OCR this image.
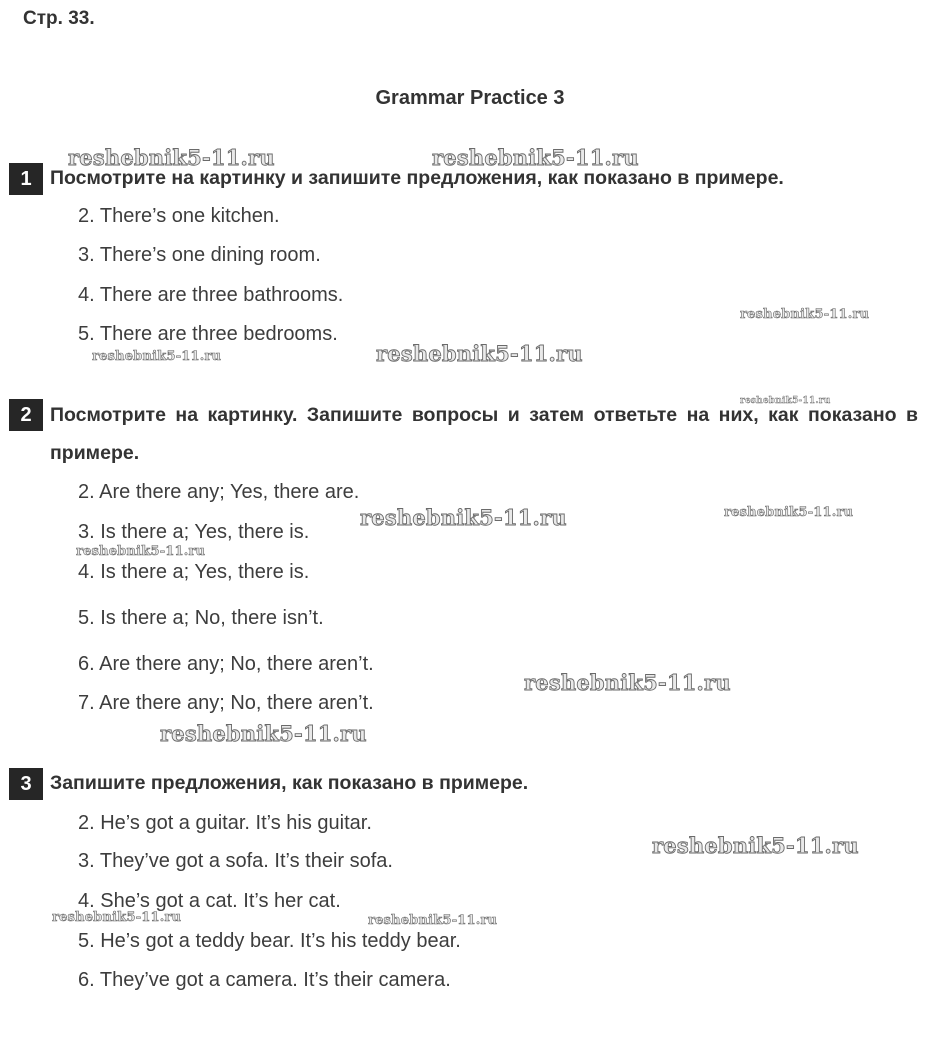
Стр. 33.
Grammar Practice 3
1 Посмотрите на картинку и запишите предложения, как показано в примере.
2. There’s one kitchen.
3. There’s one dining room.
4. There are three bathrooms.
5. There are three bedrooms.
2 Посмотрите на картинку. Запишите вопросы и затем ответьте на них, как показано в примере.
2. Are there any; Yes, there are.
3. Is there a; Yes, there is.
4. Is there a; Yes, there is.
5. Is there a; No, there isn’t.
6. Are there any; No, there aren’t.
7. Are there any; No, there aren’t.
3 Запишите предложения, как показано в примере.
2. He’s got a guitar. It’s his guitar.
3. They’ve got a sofa. It’s their sofa.
4. She’s got a cat. It’s her cat.
5. He’s got a teddy bear. It’s his teddy bear.
6. They’ve got a camera. It’s their camera.
reshebnik5-11.ru	reshebnik5-11.ru
reshebnik5-11.ru
reshebnik5-11.ru	reshebnik5-11.ru
reshebnik5-11.ru
reshebnik5-11.ru	reshebnik5-11.ru
reshebnik5-11.ru
reshebnik5-11.ru
reshebnik5-11.ru
reshebnik5-11.ru
reshebnik5-11.ru	reshebnik5-11.ru
